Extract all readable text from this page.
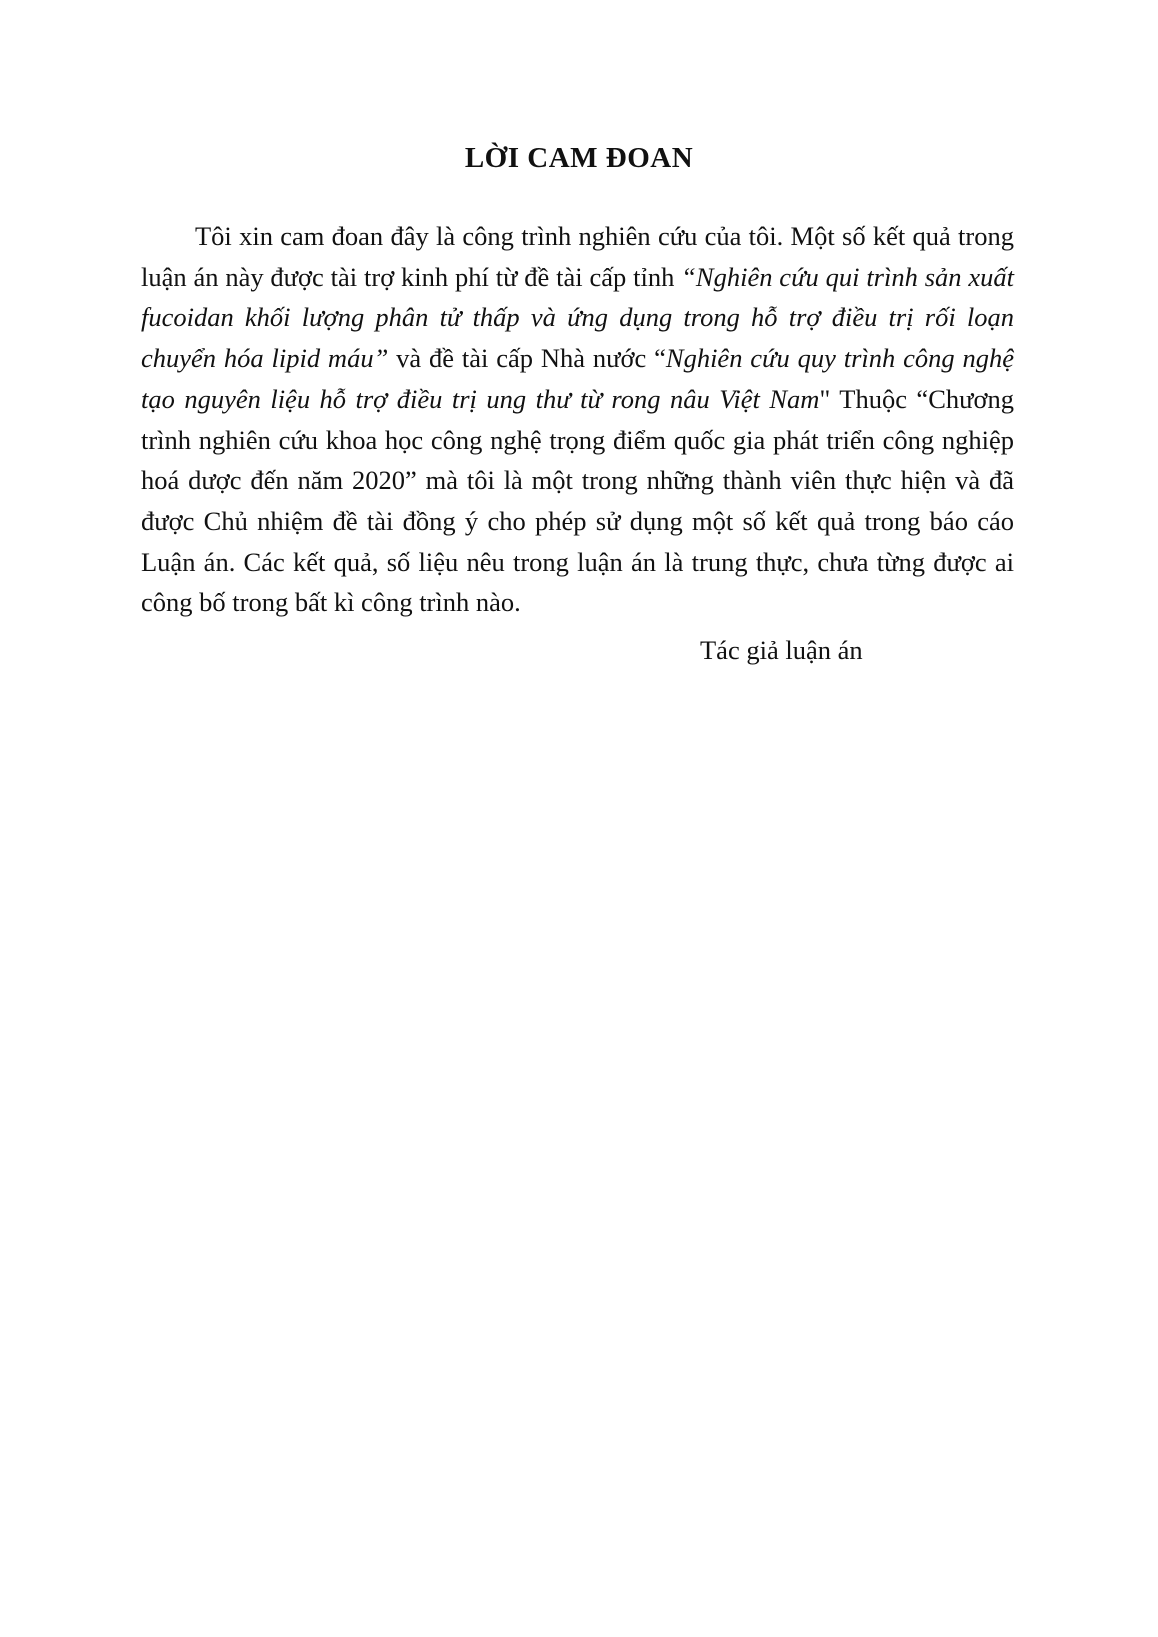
LỜI CAM ĐOAN

Tôi xin cam đoan đây là công trình nghiên cứu của tôi. Một số kết quả trong luận án này được tài trợ kinh phí từ đề tài cấp tỉnh “Nghiên cứu qui trình sản xuất fucoidan khối lượng phân tử thấp và ứng dụng trong hỗ trợ điều trị rối loạn chuyển hóa lipid máu” và đề tài cấp Nhà nước “Nghiên cứu quy trình công nghệ tạo nguyên liệu hỗ trợ điều trị ung thư từ rong nâu Việt Nam" Thuộc “Chương trình nghiên cứu khoa học công nghệ trọng điểm quốc gia phát triển công nghiệp hoá dược đến năm 2020” mà tôi là một trong những thành viên thực hiện và đã được Chủ nhiệm đề tài đồng ý cho phép sử dụng một số kết quả trong báo cáo Luận án. Các kết quả, số liệu nêu trong luận án là trung thực, chưa từng được ai công bố trong bất kì công trình nào.

Tác giả luận án
